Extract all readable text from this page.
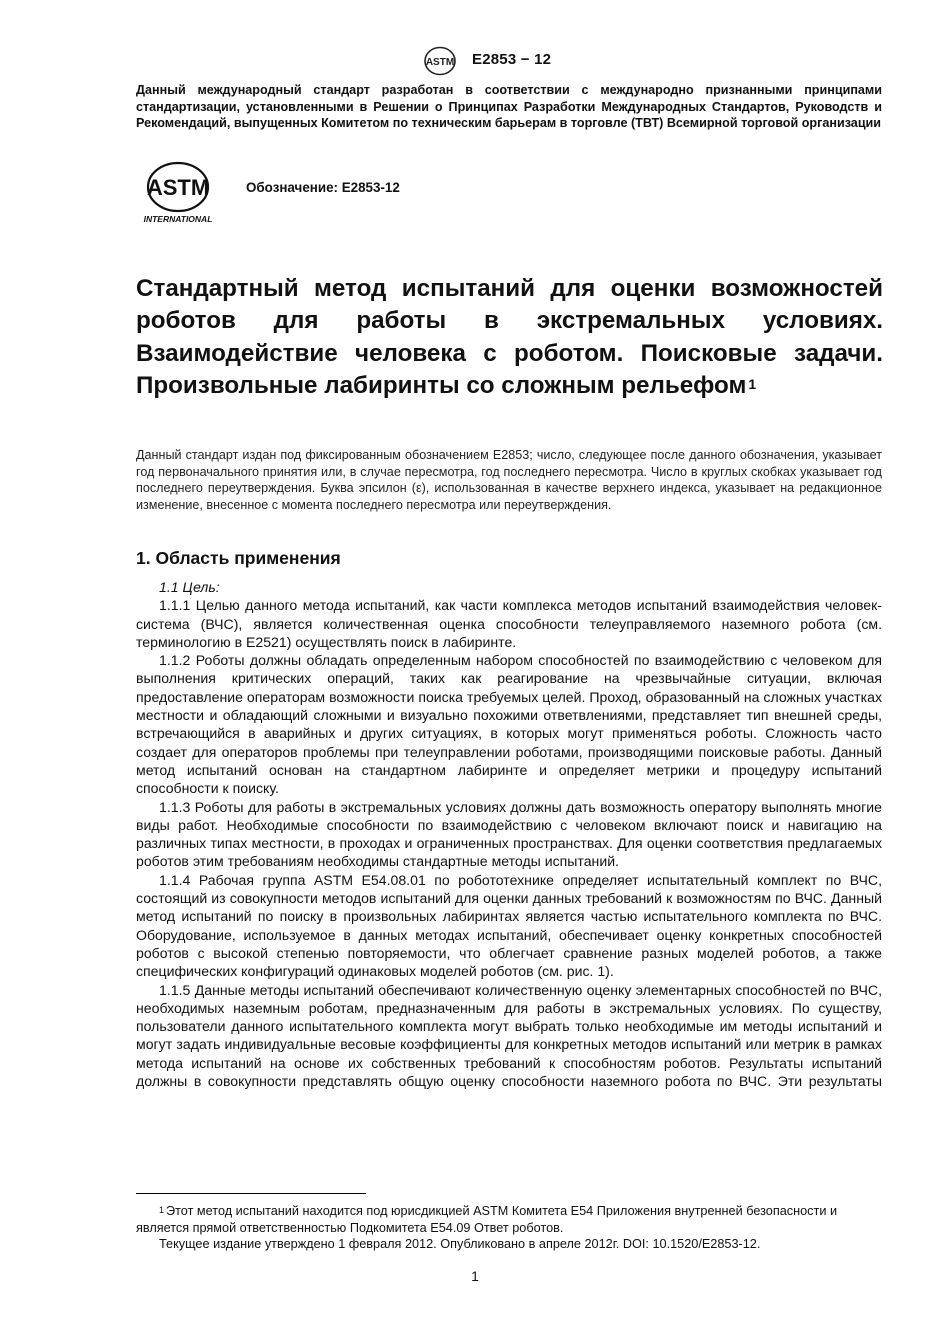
ASTM E2853 − 12
Данный международный стандарт разработан в соответствии с международно признанными принципами стандартизации, установленными в Решении о Принципах Разработки Международных Стандартов, Руководств и Рекомендаций, выпущенных Комитетом по техническим барьерам в торговле (ТВТ) Всемирной торговой организации
ASTM
INTERNATIONAL
Обозначение: E2853-12
Стандартный метод испытаний для оценки возможностей роботов для работы в экстремальных условиях. Взаимодействие человека с роботом. Поисковые задачи. Произвольные лабиринты со сложным рельефом $^1$
Данный стандарт издан под фиксированным обозначением E2853; число, следующее после данного обозначения, указывает год первоначального принятия или, в случае пересмотра, год последнего пересмотра. Число в круглых скобках указывает год последнего переутверждения. Буква эпсилон (ε), использованная в качестве верхнего индекса, указывает на редакционное изменение, внесенное с момента последнего пересмотра или переутверждения.
1. Область применения

1.1 Цель:

1.1.1 Целью данного метода испытаний, как части комплекса методов испытаний взаимодействия человек-система (ВЧС), является количественная оценка способности телеуправляемого наземного робота (см. терминологию в E2521) осуществлять поиск в лабиринте.

1.1.2 Роботы должны обладать определенным набором способностей по взаимодействию с человеком для выполнения критических операций, таких как реагирование на чрезвычайные ситуации, включая предоставление операторам возможности поиска требуемых целей. Проход, образованный на сложных участках местности и обладающий сложными и визуально похожими ответвлениями, представляет тип внешней среды, встречающийся в аварийных и других ситуациях, в которых могут применяться роботы. Сложность часто создает для операторов проблемы при телеуправлении роботами, производящими поисковые работы. Данный метод испытаний основан на стандартном лабиринте и определяет метрики и процедуру испытаний способности к поиску.

1.1.3 Роботы для работы в экстремальных условиях должны дать возможность оператору выполнять многие виды работ. Необходимые способности по взаимодействию с человеком включают поиск и навигацию на различных типах местности, в проходах и ограниченных пространствах. Для оценки соответствия предлагаемых роботов этим требованиям необходимы стандартные методы испытаний.

1.1.4 Рабочая группа ASTM E54.08.01 по робототехнике определяет испытательный комплект по ВЧС, состоящий из совокупности методов испытаний для оценки данных требований к возможностям по ВЧС. Данный метод испытаний по поиску в произвольных лабиринтах является частью испытательного комплекта по ВЧС. Оборудование, используемое в данных методах испытаний, обеспечивает оценку конкретных способностей роботов с высокой степенью повторяемости, что облегчает сравнение разных моделей роботов, а также специфических конфигураций одинаковых моделей роботов (см. рис. 1).

1.1.5 Данные методы испытаний обеспечивают количественную оценку элементарных способностей по ВЧС, необходимых наземным роботам, предназначенным для работы в экстремальных условиях. По существу, пользователи данного испытательного комплекта могут выбрать только необходимые им методы испытаний и могут задать индивидуальные весовые коэффициенты для конкретных методов испытаний или метрик в рамках метода испытаний на основе их собственных требований к способностям роботов. Результаты испытаний должны в совокупности представлять общую оценку способности наземного робота по ВЧС. Эти результаты

$^1$ Этот метод испытаний находится под юрисдикцией ASTM Комитета E54 Приложения внутренней безопасности и является прямой ответственностью Подкомитета E54.09 Ответ роботов.

Текущее издание утверждено 1 февраля 2012. Опубликовано в апреле 2012г. DOI: 10.1520/E2853-12.

1
